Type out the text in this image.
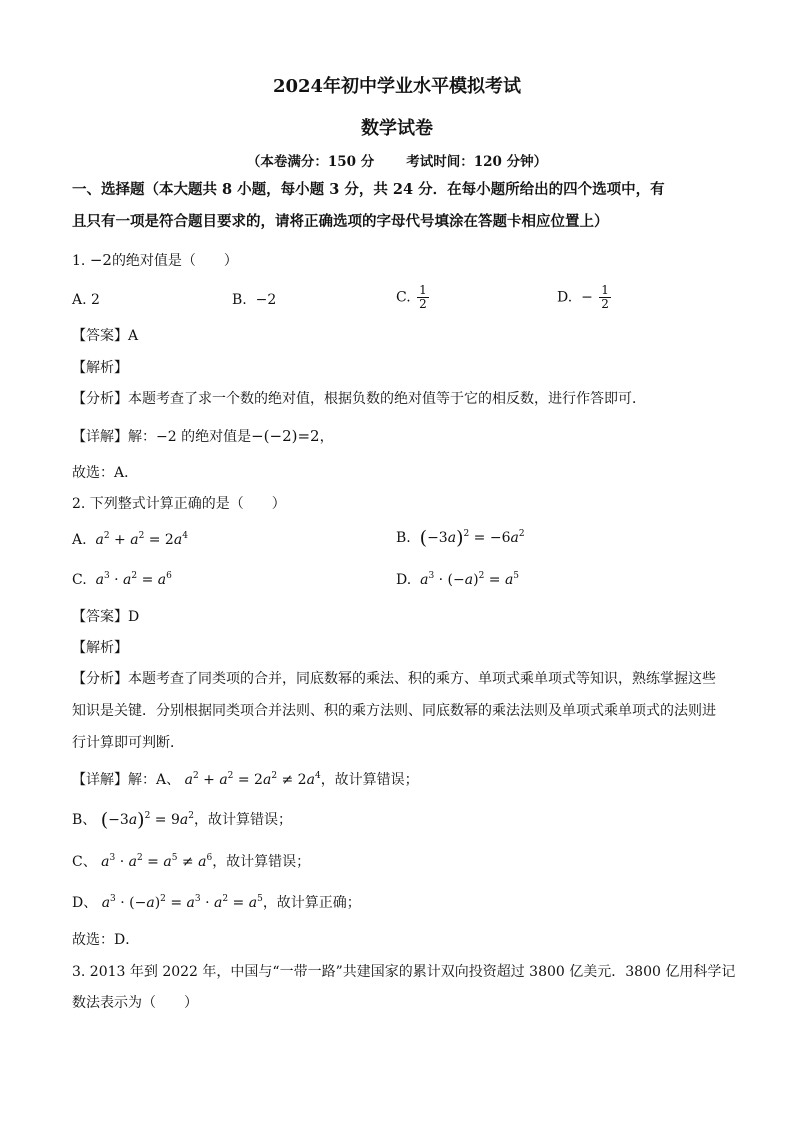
2024年初中学业水平模拟考试
数学试卷
（本卷满分：150 分 考试时间：120 分钟）
一、选择题（本大题共 8 小题，每小题 3 分，共 24 分．在每小题所给出的四个选项中，有
且只有一项是符合题目要求的，请将正确选项的字母代号填涂在答题卡相应位置上）
1. −2的绝对值是（　　）
A. 2	B. −2	C. $\frac{1}{2}$	D. − $\frac{1}{2}$
【答案】A
【解析】
【分析】本题考查了求一个数的绝对值，根据负数的绝对值等于它的相反数，进行作答即可．
【详解】解：−2 的绝对值是−(−2)=2，
故选：A．
2. 下列整式计算正确的是（　　）
A. $a^2 + a^2 = 2a^4$	B. $(-3a)^2 = -6a^2$
C. $a^3 \cdot a^2 = a^6$	D. $a^3 \cdot (-a)^2 = a^5$
【答案】D
【解析】
【分析】本题考查了同类项的合并，同底数幂的乘法、积的乘方、单项式乘单项式等知识，熟练掌握这些
知识是关键．分别根据同类项合并法则、积的乘方法则、同底数幂的乘法法则及单项式乘单项式的法则进
行计算即可判断．
【详解】解：A、 $a^2 + a^2 = 2a^2 \ne 2a^4$，故计算错误；
B、 $(-3a)^2 = 9a^2$，故计算错误；
C、 $a^3 \cdot a^2 = a^5 \ne a^6$，故计算错误；
D、 $a^3 \cdot (-a)^2 = a^3 \cdot a^2 = a^5$，故计算正确；
故选：D．
3. 2013 年到 2022 年，中国与“一带一路”共建国家的累计双向投资超过 3800 亿美元．3800 亿用科学记
数法表示为（　　）
